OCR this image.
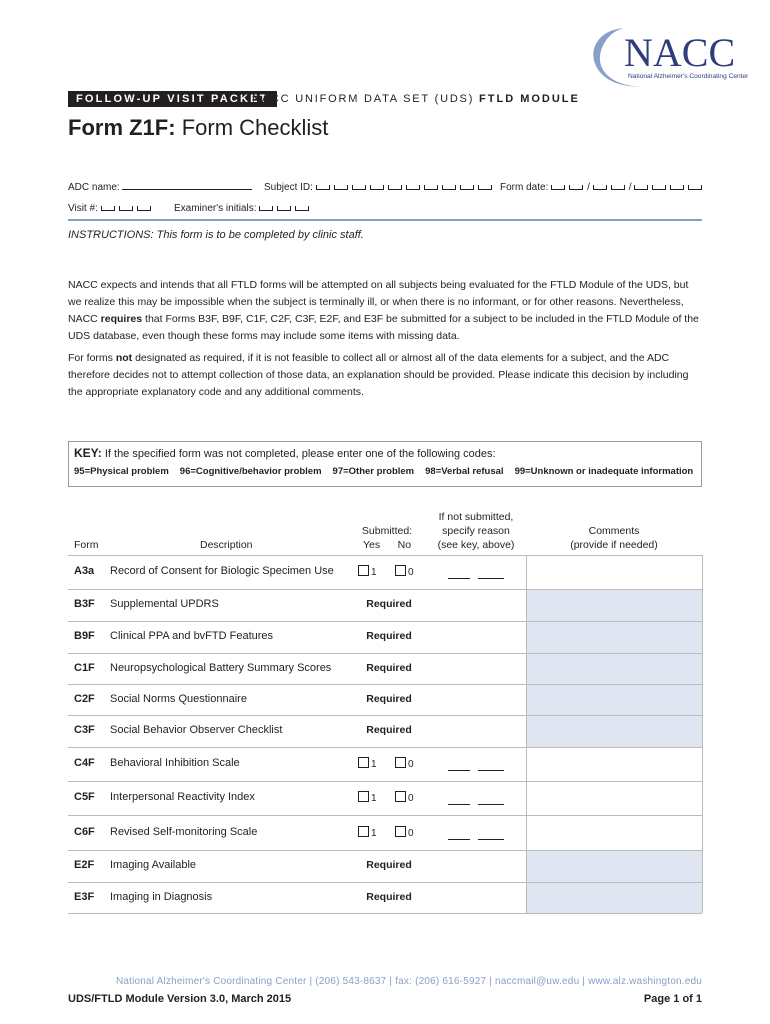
NACC
National Alzheimer's Coordinating Center
FOLLOW-UP VISIT PACKET
NACC UNIFORM DATA SET (UDS) FTLD MODULE
Form Z1F: Form Checklist
ADC name:	Subject ID:	Form date:	/	/
Visit #:	Examiner's initials:
INSTRUCTIONS: This form is to be completed by clinic staff.
NACC expects and intends that all FTLD forms will be attempted on all subjects being evaluated for the FTLD Module of the UDS, but we realize this may be impossible when the subject is terminally ill, or when there is no informant, or for other reasons. Nevertheless, NACC requires that Forms B3F, B9F, C1F, C2F, C3F, E2F, and E3F be submitted for a subject to be included in the FTLD Module of the UDS database, even though these forms may include some items with missing data.
For forms not designated as required, if it is not feasible to collect all or almost all of the data elements for a subject, and the ADC therefore decides not to attempt collection of those data, an explanation should be provided. Please indicate this decision by including the appropriate explanatory code and any additional comments.
KEY: If the specified form was not completed, please enter one of the following codes:
95=Physical problem 96=Cognitive/behavior problem 97=Other problem 98=Verbal refusal 99=Unknown or inadequate information
Form	Description
Submitted:
Yes No
If not submitted,
specify reason
(see key, above)
Comments
(provide if needed)
A3a Record of Consent for Biologic Specimen Use	1	0
B3F Supplemental UPDRS	Required
B9F Clinical PPA and bvFTD Features	Required
C1F Neuropsychological Battery Summary Scores	Required
C2F Social Norms Questionnaire	Required
C3F Social Behavior Observer Checklist	Required
C4F Behavioral Inhibition Scale	1	0
C5F Interpersonal Reactivity Index	1	0
C6F Revised Self-monitoring Scale	1	0
E2F Imaging Available	Required
E3F Imaging in Diagnosis	Required
National Alzheimer's Coordinating Center | (206) 543-8637 | fax: (206) 616-5927 | naccmail@uw.edu | www.alz.washington.edu
UDS/FTLD Module Version 3.0, March 2015	Page 1 of 1
